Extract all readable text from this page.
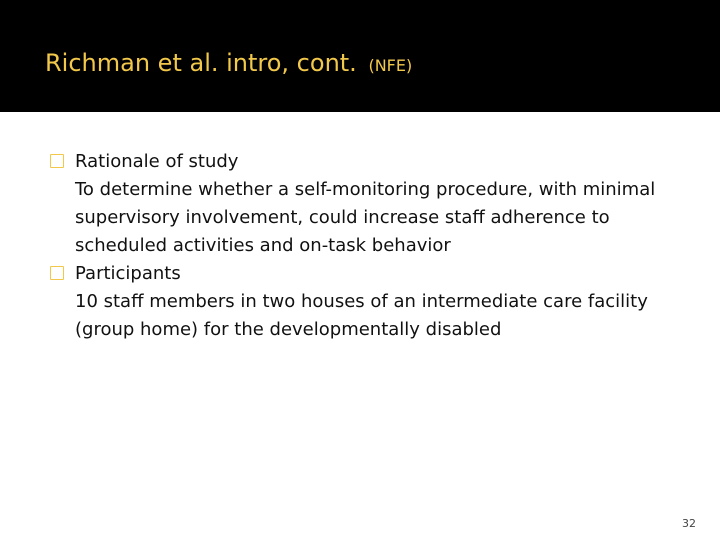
Richman et al. intro, cont. (NFE)
Rationale of study
To determine whether a self-monitoring procedure, with minimal supervisory involvement, could increase staff adherence to scheduled activities and on-task behavior
Participants
10 staff members in two houses of an intermediate care facility (group home) for the developmentally disabled
32
